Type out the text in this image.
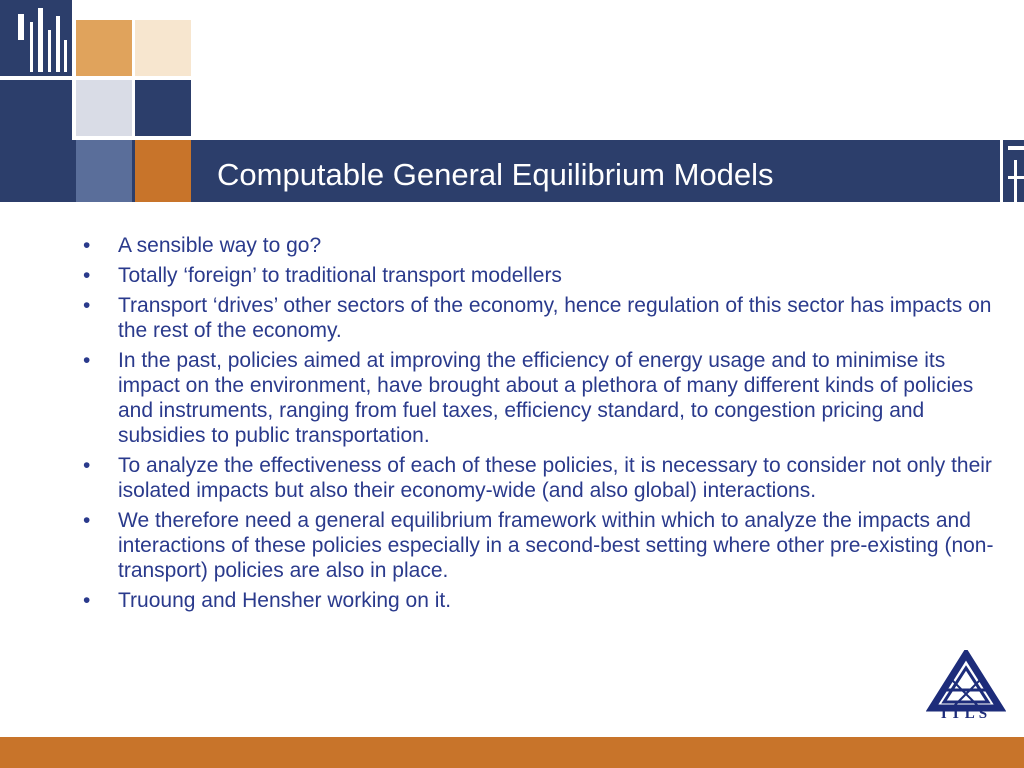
Computable General Equilibrium Models
• A sensible way to go?
• Totally ‘foreign’ to traditional transport modellers
• Transport ‘drives’ other sectors of the economy, hence regulation of this sector has impacts on the rest of the economy.
• In the past, policies aimed at improving the efficiency of energy usage and to minimise its impact on the environment, have brought about a plethora of many different kinds of policies and instruments, ranging from fuel taxes, efficiency standard, to congestion pricing and subsidies to public transportation.
• To analyze the effectiveness of each of these policies, it is necessary to consider not only their isolated impacts but also their economy-wide (and also global) interactions.
• We therefore need a general equilibrium framework within which to analyze the impacts and interactions of these policies especially in a second-best setting where other pre-existing (non-transport) policies are also in place.
• Truoung and Hensher working on it.
ITLS
